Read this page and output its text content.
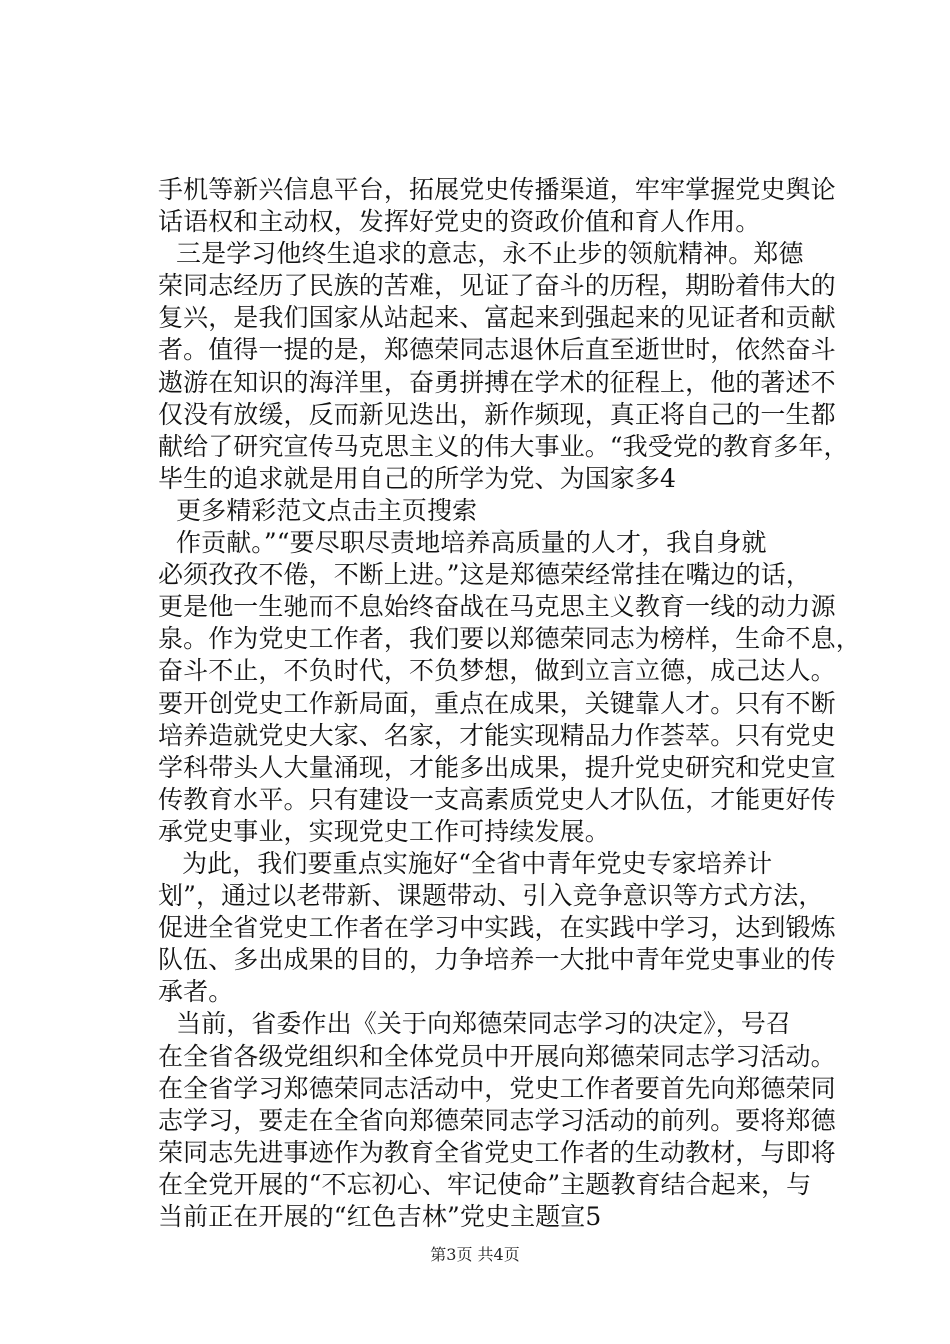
手机等新兴信息平台，拓展党史传播渠道，牢牢掌握党史舆论
话语权和主动权，发挥好党史的资政价值和育人作用。
三是学习他终生追求的意志，永不止步的领航精神。郑德
荣同志经历了民族的苦难，见证了奋斗的历程，期盼着伟大的
复兴，是我们国家从站起来、富起来到强起来的见证者和贡献
者。值得一提的是，郑德荣同志退休后直至逝世时，依然奋斗
遨游在知识的海洋里，奋勇拼搏在学术的征程上，他的著述不
仅没有放缓，反而新见迭出，新作频现，真正将自己的一生都
献给了研究宣传马克思主义的伟大事业。“我受党的教育多年，
毕生的追求就是用自己的所学为党、为国家多4
更多精彩范文点击主页搜索
作贡献。”“要尽职尽责地培养高质量的人才，我自身就
必须孜孜不倦，不断上进。”这是郑德荣经常挂在嘴边的话，
更是他一生驰而不息始终奋战在马克思主义教育一线的动力源
泉。作为党史工作者，我们要以郑德荣同志为榜样，生命不息，
奋斗不止，不负时代，不负梦想，做到立言立德，成己达人。
要开创党史工作新局面，重点在成果，关键靠人才。只有不断
培养造就党史大家、名家，才能实现精品力作荟萃。只有党史
学科带头人大量涌现，才能多出成果，提升党史研究和党史宣
传教育水平。只有建设一支高素质党史人才队伍，才能更好传
承党史事业，实现党史工作可持续发展。
为此，我们要重点实施好“全省中青年党史专家培养计
划”，通过以老带新、课题带动、引入竞争意识等方式方法，
促进全省党史工作者在学习中实践，在实践中学习，达到锻炼
队伍、多出成果的目的，力争培养一大批中青年党史事业的传
承者。
当前，省委作出《关于向郑德荣同志学习的决定》，号召
在全省各级党组织和全体党员中开展向郑德荣同志学习活动。
在全省学习郑德荣同志活动中，党史工作者要首先向郑德荣同
志学习，要走在全省向郑德荣同志学习活动的前列。要将郑德
荣同志先进事迹作为教育全省党史工作者的生动教材，与即将
在全党开展的“不忘初心、牢记使命”主题教育结合起来，与
当前正在开展的“红色吉林”党史主题宣5
第3页 共4页
